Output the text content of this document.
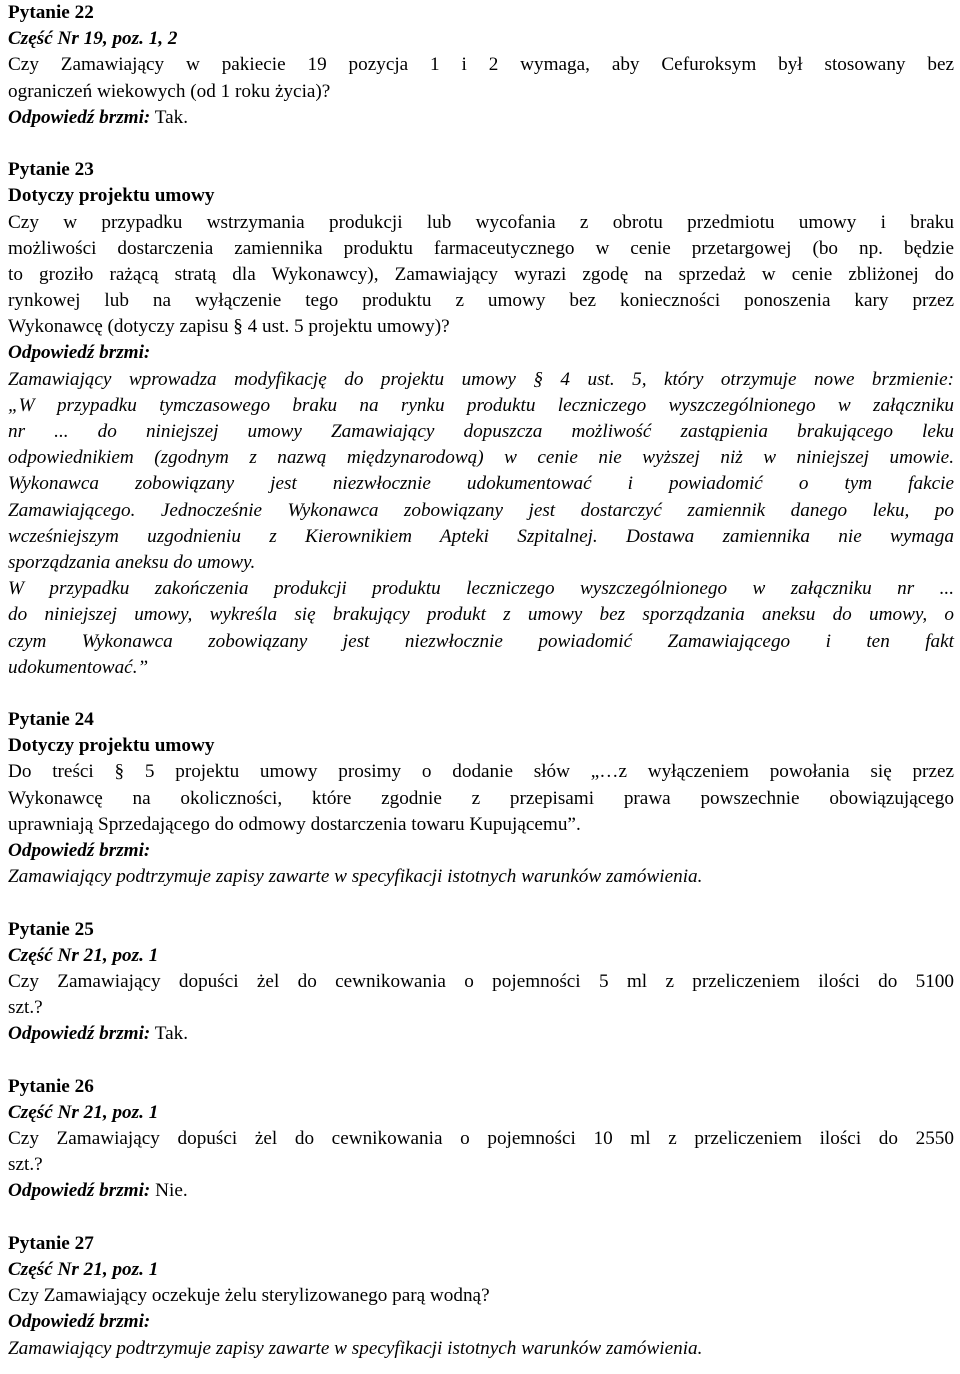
Pytanie 22
Część Nr 19, poz. 1, 2
Czy Zamawiający w pakiecie 19 pozycja 1 i 2 wymaga, aby Cefuroksym był stosowany bez
ograniczeń wiekowych (od 1 roku życia)?
Odpowiedź brzmi: Tak.
Pytanie 23
Dotyczy projektu umowy
Czy w przypadku wstrzymania produkcji lub wycofania z obrotu przedmiotu umowy i braku
możliwości dostarczenia zamiennika produktu farmaceutycznego w cenie przetargowej (bo np. będzie
to groziło rażącą stratą dla Wykonawcy), Zamawiający wyrazi zgodę na sprzedaż w cenie zbliżonej do
rynkowej lub na wyłączenie tego produktu z umowy bez konieczności ponoszenia kary przez
Wykonawcę (dotyczy zapisu § 4 ust. 5 projektu umowy)?
Odpowiedź brzmi:
Zamawiający wprowadza modyfikację do projektu umowy § 4 ust. 5, który otrzymuje nowe brzmienie:
„W przypadku tymczasowego braku na rynku produktu leczniczego wyszczególnionego w załączniku
nr ... do niniejszej umowy Zamawiający dopuszcza możliwość zastąpienia brakującego leku
odpowiednikiem (zgodnym z nazwą międzynarodową) w cenie nie wyższej niż w niniejszej umowie.
Wykonawca zobowiązany jest niezwłocznie udokumentować i powiadomić o tym fakcie
Zamawiającego. Jednocześnie Wykonawca zobowiązany jest dostarczyć zamiennik danego leku, po
wcześniejszym uzgodnieniu z Kierownikiem Apteki Szpitalnej. Dostawa zamiennika nie wymaga
sporządzania aneksu do umowy.
W przypadku zakończenia produkcji produktu leczniczego wyszczególnionego w załączniku nr ...
do niniejszej umowy, wykreśla się brakujący produkt z umowy bez sporządzania aneksu do umowy, o
czym Wykonawca zobowiązany jest niezwłocznie powiadomić Zamawiającego i ten fakt
udokumentować.”
Pytanie 24
Dotyczy projektu umowy
Do treści § 5 projektu umowy prosimy o dodanie słów „…z wyłączeniem powołania się przez
Wykonawcę na okoliczności, które zgodnie z przepisami prawa powszechnie obowiązującego
uprawniają Sprzedającego do odmowy dostarczenia towaru Kupującemu”.
Odpowiedź brzmi:
Zamawiający podtrzymuje zapisy zawarte w specyfikacji istotnych warunków zamówienia.
Pytanie 25
Część Nr 21, poz. 1
Czy Zamawiający dopuści żel do cewnikowania o pojemności 5 ml z przeliczeniem ilości do 5100
szt.?
Odpowiedź brzmi: Tak.
Pytanie 26
Część Nr 21, poz. 1
Czy Zamawiający dopuści żel do cewnikowania o pojemności 10 ml z przeliczeniem ilości do 2550
szt.?
Odpowiedź brzmi: Nie.
Pytanie 27
Część Nr 21, poz. 1
Czy Zamawiający oczekuje żelu sterylizowanego parą wodną?
Odpowiedź brzmi:
Zamawiający podtrzymuje zapisy zawarte w specyfikacji istotnych warunków zamówienia.
